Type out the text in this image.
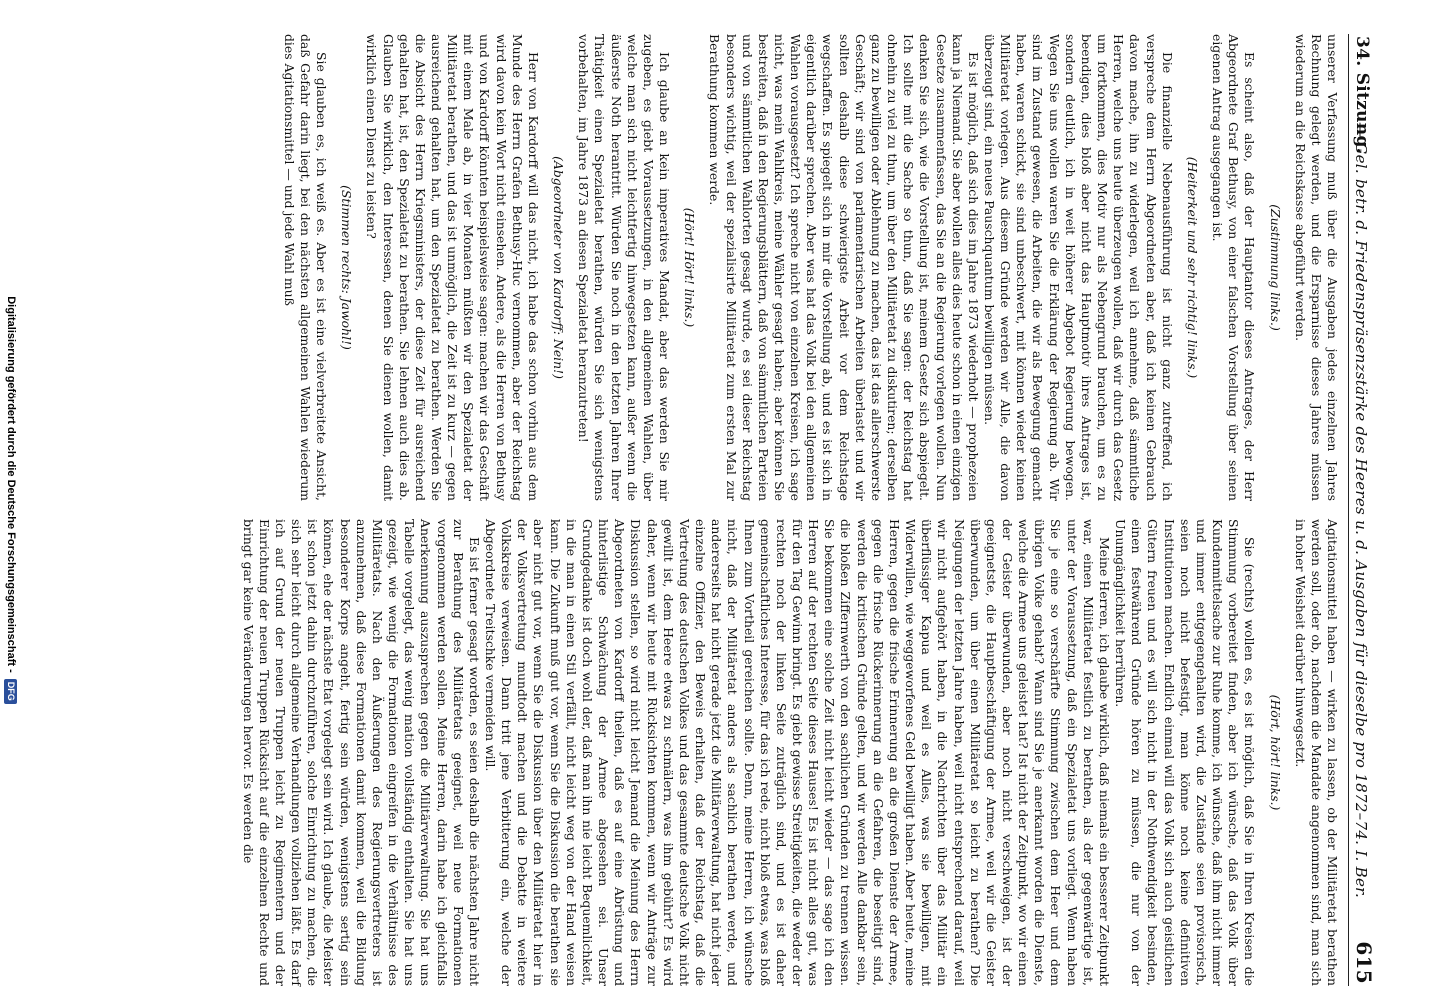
34. Sitzung.
— Gel. betr. d. Friedenspräsenzstärke des Heeres u. d. Ausgaben für dieselbe pro 1872–74. I. Ber.
615

unserer Verfassung muß über die Ausgaben jedes einzelnen Jahres Rechnung gelegt werden, und die Ersparnisse dieses Jahres müssen wiederum an die Reichskasse abgeführt werden.

(Zustimmung links.)

Es scheint also, daß der Hauptantor dieses Antrages, der Herr Abgeordnete Graf Bethusy, von einer falschen Vorstellung über seinen eigenen Antrag ausgegangen ist.

(Heiterkeit und sehr richtig! links.)

Die finanzielle Nebenausführung ist nicht ganz zutreffend, ich verspreche dem Herrn Abgeordneten aber, daß ich keinen Gebrauch davon mache, ihn zu widerlegen, weil ich annehme, daß sämmtliche Herren, welche uns heute überzeugen wollen, daß wir durch das Gesetz um fortkommen, dies Motiv nur als Nebengrund brauchen, um es zu beendigen, dies bloß aber nicht das Hauptmotiv ihres Antrages ist, sondern deutlich, ich in weit höherer Abgebot Regierung bewogen. Wegen Sie uns wollen waren Sie die Erklärung der Regierung ab. Wir sind im Zustand gewesen, die Arbeiten, die wir als Bewegung gemacht haben, waren schickt, sie sind unbeschwert, mit können wieder keinen Militäretat vorlegen. Aus diesem Gründe werden wir Alle, die davon überzeugt sind, ein neues Pauschquantum bewilligen müssen.

Es ist möglich, daß sich dies im Jahre 1873 wiederholt — prophezeien kann ja Niemand. Sie aber wollen alles dies heute schon in einen einzigen Gesetze zusammenfassen, das Sie an die Regierung vorlegen wollen. Nun denken Sie sich, wie die Vorstellung ist, meinem Gesetz sich abspiegelt. Ich sollte mit die Sache so thun, daß Sie sagen: der Reichstag hat ohnehin zu viel zu thun, um über den Militäretat zu diskutiren; derselben ganz zu bewilligen oder Ablehnung zu machen, das ist das allerschwerste Geschäft; wir sind von parlamentarischen Arbeiten überlastet und wir sollten deshalb diese schwierigste Arbeit vor dem Reichstage wegschaffen. Es spiegelt sich in mir die Vorstellung ab, und es ist sich in eigentlich darüber sprechen. Aber was hat das Volk bei den allgemeinen Wahlen vorausgesetzt? Ich spreche nicht von einzelnen Kreisen, ich sage nicht, was mein Wahlkreis, meine Wähler gesagt haben; aber können Sie bestreiten, daß in den Regierungsblättern, daß von sämmtlichen Parteien und von sämmtlichen Wahlorten gesagt wurde, es sei dieser Reichstag besonders wichtig, weil der spezialisirte Militäretat zum ersten Mal zur Berathung kommen werde.

(Hört! Hört! links.)

Ich glaube an kein imperatives Mandat, aber das werden Sie mir zugeben, es giebt Voraussetzungen, in den allgemeinen Wahlen, über welche man sich nicht leichtfertig hinwegsetzen kann, außer wenn die äußerste Noth herantritt. Würden Sie noch in den letzten Jahren Ihrer Thätigkeit einen Spezialetat berathen, würden Sie sich wenigstens vorbehalten, im Jahre 1873 an diesen Spezialetat heranzutreten!

(Abgeordneter von Kardorff: Nein!)

Herr von Kardorff will das nicht, ich habe das schon vorhin aus dem Munde des Herrn Grafen Bethusy-Huc vernommen, aber der Reichstag wird davon kein Wort nicht einsehen. Andere, als die Herren von Bethusy und von Kardorff könnten beispielsweise sagen: machen wir das Geschäft mit einem Male ab, in vier Monaten müßten wir den Spezialetat der Militäretat berathen, und das ist unmöglich, die Zeit ist zu kurz — gegen ausreichend gehalten hat, um den Spezialetat zu berathen. Werden Sie die Absicht des Herrn Kriegsministers, der diese Zeit für ausreichend gehalten hat, ist, den Spezialetat zu berathen. Sie lehnen auch dies ab. Glauben Sie wirklich, den Interessen, denen Sie dienen wollen, damit wirklich einen Dienst zu leisten?

(Stimmen rechts: Jawohl!)

Sie glauben es, ich weiß es. Aber es ist eine vielverbreitete Ansicht, daß Gefahr darin liegt, bei den nächsten allgemeinen Wahlen wiederum dies Agitationsmittel — und jede Wahl muß

Agitationsmittel haben — wirken zu lassen, ob der Militäretat berathen werden soll, oder ob, nachdem die Mandate angenommen sind, man sich in hoher Weisheit darüber hinwegsetzt.

(Hört, hört! links.)

Sie (rechts) wollen es, es ist möglich, daß Sie in Ihren Kreisen die Stimmung vorbereitet finden, aber ich wünsche, daß das Volk über Kundenmittelsache zur Ruhe komme, ich wünsche, daß ihm nicht immer und immer entgegengehalten wird, die Zustände seien provisorisch, seien noch nicht befestigt, man könne noch keine definitiven Institutionen machen. Endlich einmal will das Volk sich auch geistlichen Gütern freuen und es will sich nicht in der Nothwendigkeit besinden, einen festwährend Gründe hören zu müssen, die nur von der Unumgänglichkeit herrühren.

Meine Herren, ich glaube wirklich, daß niemals ein besserer Zeitpunkt war, einen Militäretat festlich zu berathen, als der gegenwärtige ist, unter der Voraussetzung, daß ein Spezialetat uns vorliegt. Wenn haben Sie je eine so verschärfte Stimmung zwischen dem Heer und dem übrigen Volke gehabt? Wann sind Sie je anerkannt worden die Dienste, welche die Armee uns geleistet hat? Ist nicht der Zeitpunkt, wo wir einen der Geister überwunden, aber noch nicht verschweigen, ist der geeignetste, die Hauptbeschäftigung der Armee, weil wir die Geister überwunden, um über einen Militäretat so leicht zu berathen? Die Neigungen der letzten Jahre haben, weil nicht entsprechend darauf, weil wir nicht aufgehört haben, in die Nachrichten über das Militär ein überflüssiger Kapua und weil es Alles, was sie bewilligen, mit Widerwillen, wie weggeworfenes Geld bewilligt haben. Aber heute, meine Herren, gegen die frische Erinnerung an die großen Dienste der Armee, gegen die frische Rückerinnerung an die Gefahren, die beseitigt sind, werden die kritischen Gründe gelten, und wir werden Alle dankbar sein, die bloßen Ziffernwerth von den sachlichen Gründen zu trennen wissen. Sie bekommen eine solche Zeit nicht leicht wieder — das sage ich den Herren auf der rechten Seite dieses Hauses! Es ist nicht alles gut, was für den Tag Gewinn bringt. Es giebt gewisse Streitigkeiten, die weder der rechten noch der linken Seite zuträglich sind, und es ist daher gemeinschaftliches Interesse, für das ich rede, nicht bloß etwas, was bloß Ihnen zum Vortheil gereichen sollte. Denn, meine Herren, ich wünsche nicht, daß der Militäretat anders als sachlich berathen werde, und andererseits hat nicht gerade jetzt die Militärverwaltung, hat nicht jeder einzelne Offizier, den Beweis erhalten, daß der Reichstag, daß die Vertretung des deutschen Volkes und das gesammte deutsche Volk nicht gewillt ist, dem Heere etwas zu schmälern, was ihm gebührt? Es wird daher, wenn wir heute mit Rücksichten kommen, wenn wir Anträge zur Diskussion stellen, so wird nicht leicht Jemand die Meinung des Herrn Abgeordneten von Kardorff theilen, daß es auf eine Abrüstung und hinterlistige Schwächung der Armee abgesehen sei. Unser Grundgedanke ist doch wohl der, daß man ihn nie leicht Bequemlichkeit, in die man in einen Stil verfällt, nicht leicht weg von der Hand weisen kann. Die Zukunft muß gut vor, wenn Sie die Diskussion die berathen sie aber nicht gut vor, wenn Sie die Diskussion über den Militäretat hier in der Volksvertretung mundtodt machen und die Debatte in weitere Volkskreise verweisen. Dann tritt jene Verbitterung ein, welche der Abgeordnete Treitschke vermeiden will.

Es ist ferner gesagt worden, es seien deshalb die nächsten Jahre nicht zur Berathung des Militäretats geeignet, weil neue Formationen vorgenommen werden sollen. Meine Herren, darin habe ich gleichfalls Anerkennung auszusprechen gegen die Militärverwaltung. Sie hat uns Tabelle vorgelegt, das wenig mation vollständig enthalten. Sie hat uns gezeigt, wie wenig die Formationen eingreifen in die Verhältnisse des Militäretats. Nach den Äußerungen des Regierungsvertreters ist anzunehmen, daß diese Formationen damit kommen, weil die Bildung besonderer Korps angeht, fertig sein würden, wenigstens sertig sein können, ehe der nächste Etat vorgelegt sein wird. Ich glaube, die Meister ist schon jetzt dahin durchzuführen, solche Einrichtung zu machen, die sich sehr leicht durch allgemeine Verhandlungen vollziehen läßt. Es darf ich auf Grund der neuen Truppen leicht zu Regimentern und der Einrichtung der neuen Truppen Rücksicht auf die einzelnen Rechte und bringt gar keine Veränderungen hervor. Es werden die

Digitalisierung gefördert durch die Deutsche Forschungsgemeinschaft -
DFG
